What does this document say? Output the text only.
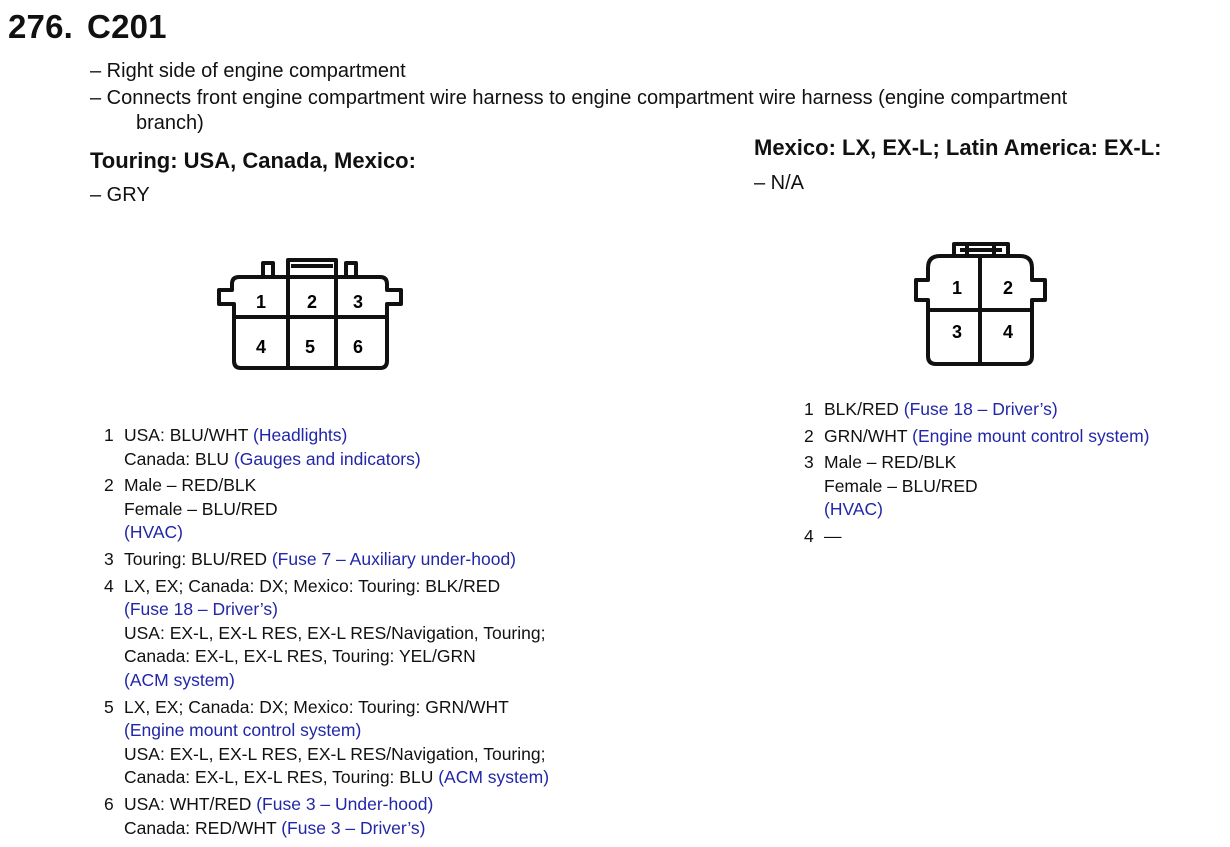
276. C201
– Right side of engine compartment
– Connects front engine compartment wire harness to engine compartment wire harness (engine compartment
branch)
Touring: USA, Canada, Mexico:
– GRY
1 2 3
4 5 6
1 USA: BLU/WHT (Headlights)
Canada: BLU (Gauges and indicators)
2 Male – RED/BLK
Female – BLU/RED
(HVAC)
3 Touring: BLU/RED (Fuse 7 – Auxiliary under-hood)
4 LX, EX; Canada: DX; Mexico: Touring: BLK/RED
(Fuse 18 – Driver’s)
USA: EX-L, EX-L RES, EX-L RES/Navigation, Touring;
Canada: EX-L, EX-L RES, Touring: YEL/GRN
(ACM system)
5 LX, EX; Canada: DX; Mexico: Touring: GRN/WHT
(Engine mount control system)
USA: EX-L, EX-L RES, EX-L RES/Navigation, Touring;
Canada: EX-L, EX-L RES, Touring: BLU (ACM system)
6 USA: WHT/RED (Fuse 3 – Under-hood)
Canada: RED/WHT (Fuse 3 – Driver’s)
Mexico: LX, EX-L; Latin America: EX-L:
– N/A
1 2
3 4
1 BLK/RED (Fuse 18 – Driver’s)
2 GRN/WHT (Engine mount control system)
3 Male – RED/BLK
Female – BLU/RED
(HVAC)
4 —
